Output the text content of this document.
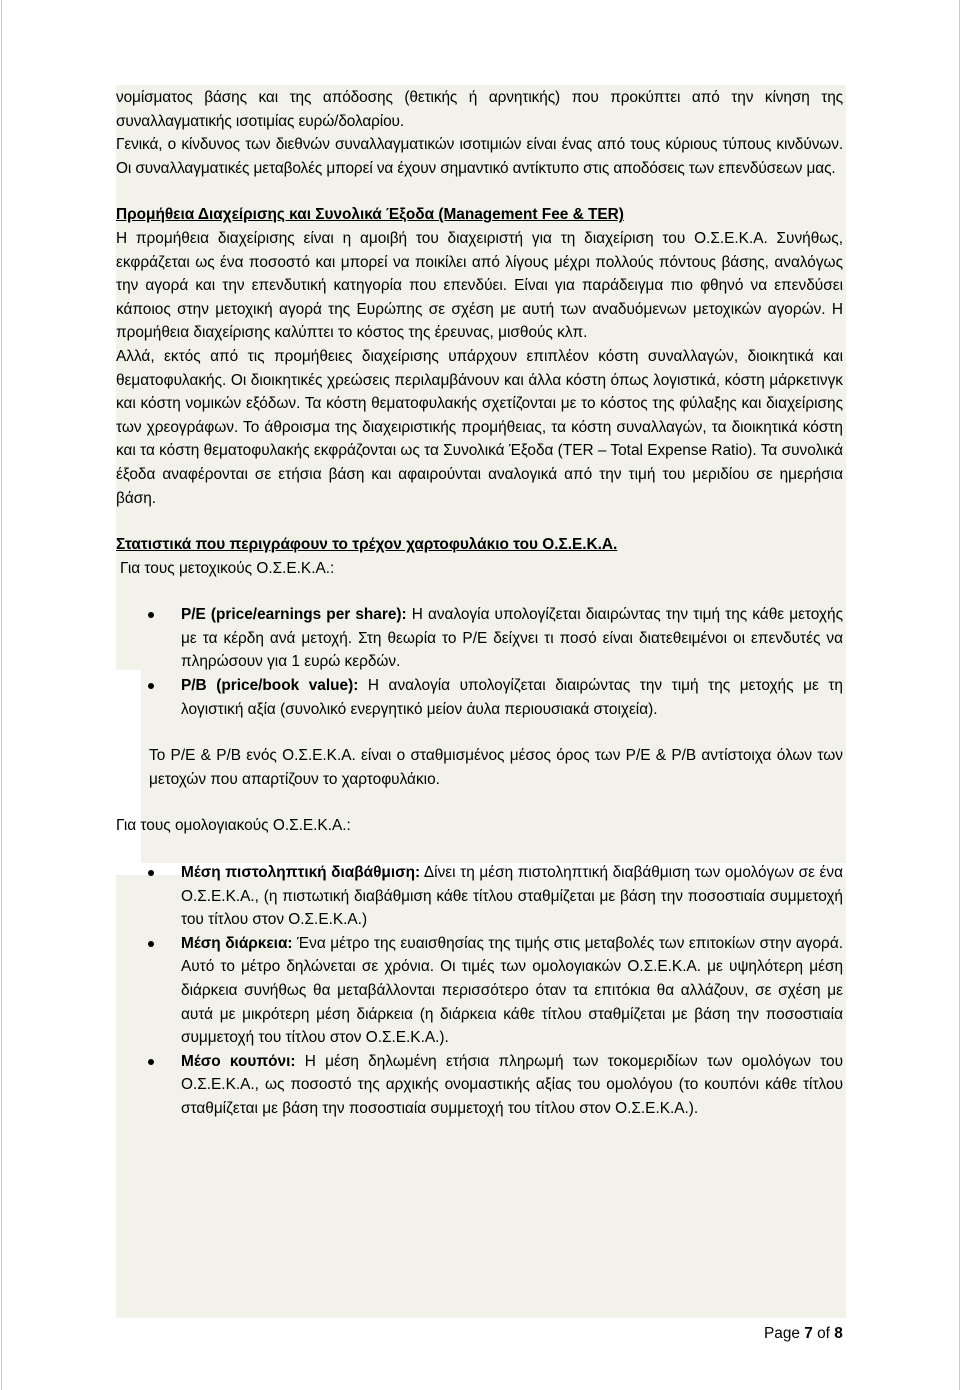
νομίσματος βάσης και της απόδοσης (θετικής ή αρνητικής) που προκύπτει από την κίνηση της συναλλαγματικής ισοτιμίας ευρώ/δολαρίου.

Γενικά, ο κίνδυνος των διεθνών συναλλαγματικών ισοτιμιών είναι ένας από τους κύριους τύπους κινδύνων. Οι συναλλαγματικές μεταβολές μπορεί να έχουν σημαντικό αντίκτυπο στις αποδόσεις των επενδύσεων μας.

Προμήθεια Διαχείρισης και Συνολικά Έξοδα (Management Fee & TER)

Η προμήθεια διαχείρισης είναι η αμοιβή του διαχειριστή για τη διαχείριση του Ο.Σ.Ε.Κ.Α. Συνήθως, εκφράζεται ως ένα ποσοστό και μπορεί να ποικίλει από λίγους μέχρι πολλούς πόντους βάσης, αναλόγως την αγορά και την επενδυτική κατηγορία που επενδύει. Είναι για παράδειγμα πιο φθηνό να επενδύσει κάποιος στην μετοχική αγορά της Ευρώπης σε σχέση με αυτή των αναδυόμενων μετοχικών αγορών. Η προμήθεια διαχείρισης καλύπτει το κόστος της έρευνας, μισθούς κλπ.

Αλλά, εκτός από τις προμήθειες διαχείρισης υπάρχουν επιπλέον κόστη συναλλαγών, διοικητικά και θεματοφυλακής. Οι διοικητικές χρεώσεις περιλαμβάνουν και άλλα κόστη όπως λογιστικά, κόστη μάρκετινγκ και κόστη νομικών εξόδων. Τα κόστη θεματοφυλακής σχετίζονται με το κόστος της φύλαξης και διαχείρισης των χρεογράφων. Το άθροισμα της διαχειριστικής προμήθειας, τα κόστη συναλλαγών, τα διοικητικά κόστη και τα κόστη θεματοφυλακής εκφράζονται ως τα Συνολικά Έξοδα (TER – Total Expense Ratio). Τα συνολικά έξοδα αναφέρονται σε ετήσια βάση και αφαιρούνται αναλογικά από την τιμή του μεριδίου σε ημερήσια βάση.

Στατιστικά που περιγράφουν το τρέχον χαρτοφυλάκιο του Ο.Σ.Ε.Κ.Α.

Για τους μετοχικούς Ο.Σ.Ε.Κ.Α.:

P/E (price/earnings per share): Η αναλογία υπολογίζεται διαιρώντας την τιμή της κάθε μετοχής με τα κέρδη ανά μετοχή. Στη θεωρία το P/E δείχνει τι ποσό είναι διατεθειμένοι οι επενδυτές να πληρώσουν για 1 ευρώ κερδών.
P/B (price/book value): Η αναλογία υπολογίζεται διαιρώντας την τιμή της μετοχής με τη λογιστική αξία (συνολικό ενεργητικό μείον άυλα περιουσιακά στοιχεία).

Το P/E & P/B ενός Ο.Σ.Ε.Κ.Α. είναι ο σταθμισμένος μέσος όρος των P/E & P/B αντίστοιχα όλων των μετοχών που απαρτίζουν το χαρτοφυλάκιο.

Για τους ομολογιακούς Ο.Σ.Ε.Κ.Α.:

Μέση πιστοληπτική διαβάθμιση: Δίνει τη μέση πιστοληπτική διαβάθμιση των ομολόγων σε ένα Ο.Σ.Ε.Κ.Α., (η πιστωτική διαβάθμιση κάθε τίτλου σταθμίζεται με βάση την ποσοστιαία συμμετοχή του τίτλου στον Ο.Σ.Ε.Κ.Α.)
Μέση διάρκεια: Ένα μέτρο της ευαισθησίας της τιμής στις μεταβολές των επιτοκίων στην αγορά. Αυτό το μέτρο δηλώνεται σε χρόνια. Οι τιμές των ομολογιακών Ο.Σ.Ε.Κ.Α. με υψηλότερη μέση διάρκεια συνήθως θα μεταβάλλονται περισσότερο όταν τα επιτόκια θα αλλάζουν, σε σχέση με αυτά με μικρότερη μέση διάρκεια (η διάρκεια κάθε τίτλου σταθμίζεται με βάση την ποσοστιαία συμμετοχή του τίτλου στον Ο.Σ.Ε.Κ.Α.).
Μέσο κουπόνι: Η μέση δηλωμένη ετήσια πληρωμή των τοκομεριδίων των ομολόγων του Ο.Σ.Ε.Κ.Α., ως ποσοστό της αρχικής ονομαστικής αξίας του ομολόγου (το κουπόνι κάθε τίτλου σταθμίζεται με βάση την ποσοστιαία συμμετοχή του τίτλου στον Ο.Σ.Ε.Κ.Α.).
Page 7 of 8
